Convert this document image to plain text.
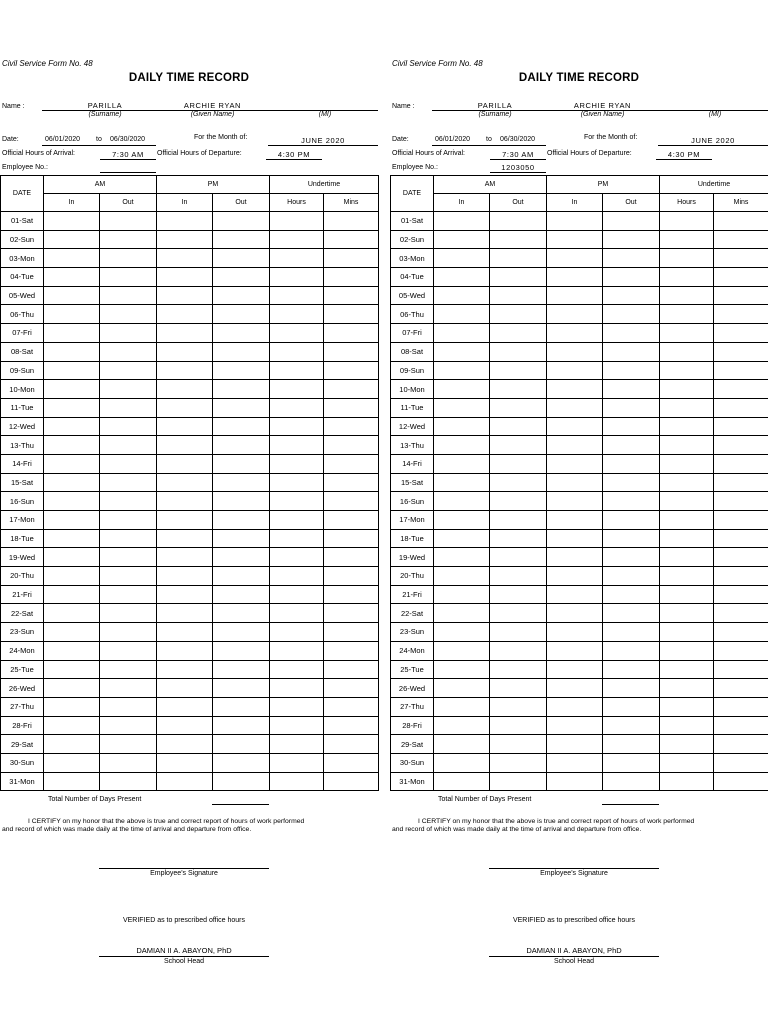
Civil Service Form No. 48
DAILY TIME RECORD
Name :	PARILLA	ARCHIE RYAN
(Surname)	(Given Name)	(MI)
Date:	06/01/2020 to 06/30/2020	For the Month of:	JUNE 2020
Official Hours of Arrival:	7:30 AM	Official Hours of Departure:	4:30 PM
Employee No.:
DATE	AM		PM		Undertime	
	In	Out	In	Out	Hours	Mins
01-Sat						
02-Sun						
03-Mon						
04-Tue						
05-Wed						
06-Thu						
07-Fri						
08-Sat						
09-Sun						
10-Mon						
11-Tue						
12-Wed						
13-Thu						
14-Fri						
15-Sat						
16-Sun						
17-Mon						
18-Tue						
19-Wed						
20-Thu						
21-Fri						
22-Sat						
23-Sun						
24-Mon						
25-Tue						
26-Wed						
27-Thu						
28-Fri						
29-Sat						
30-Sun						
31-Mon						
Total Number of Days Present
I CERTIFY on my honor that the above is true and correct report of hours of work performed
and record of which was made daily at the time of arrival and departure from office.
Employee's Signature
VERIFIED as to prescribed office hours
DAMIAN II A. ABAYON, PhD
School Head
Civil Service Form No. 48
DAILY TIME RECORD
Name :	PARILLA	ARCHIE RYAN
(Surname)	(Given Name)	(MI)
Date:	06/01/2020 to 06/30/2020	For the Month of:	JUNE 2020
Official Hours of Arrival:	7:30 AM	Official Hours of Departure:	4:30 PM
Employee No.:	1203050
DATE	AM		PM		Undertime	
	In	Out	In	Out	Hours	Mins
01-Sat						
02-Sun						
03-Mon						
04-Tue						
05-Wed						
06-Thu						
07-Fri						
08-Sat						
09-Sun						
10-Mon						
11-Tue						
12-Wed						
13-Thu						
14-Fri						
15-Sat						
16-Sun						
17-Mon						
18-Tue						
19-Wed						
20-Thu						
21-Fri						
22-Sat						
23-Sun						
24-Mon						
25-Tue						
26-Wed						
27-Thu						
28-Fri						
29-Sat						
30-Sun						
31-Mon						
Total Number of Days Present
I CERTIFY on my honor that the above is true and correct report of hours of work performed
and record of which was made daily at the time of arrival and departure from office.
Employee's Signature
VERIFIED as to prescribed office hours
DAMIAN II A. ABAYON, PhD
School Head
